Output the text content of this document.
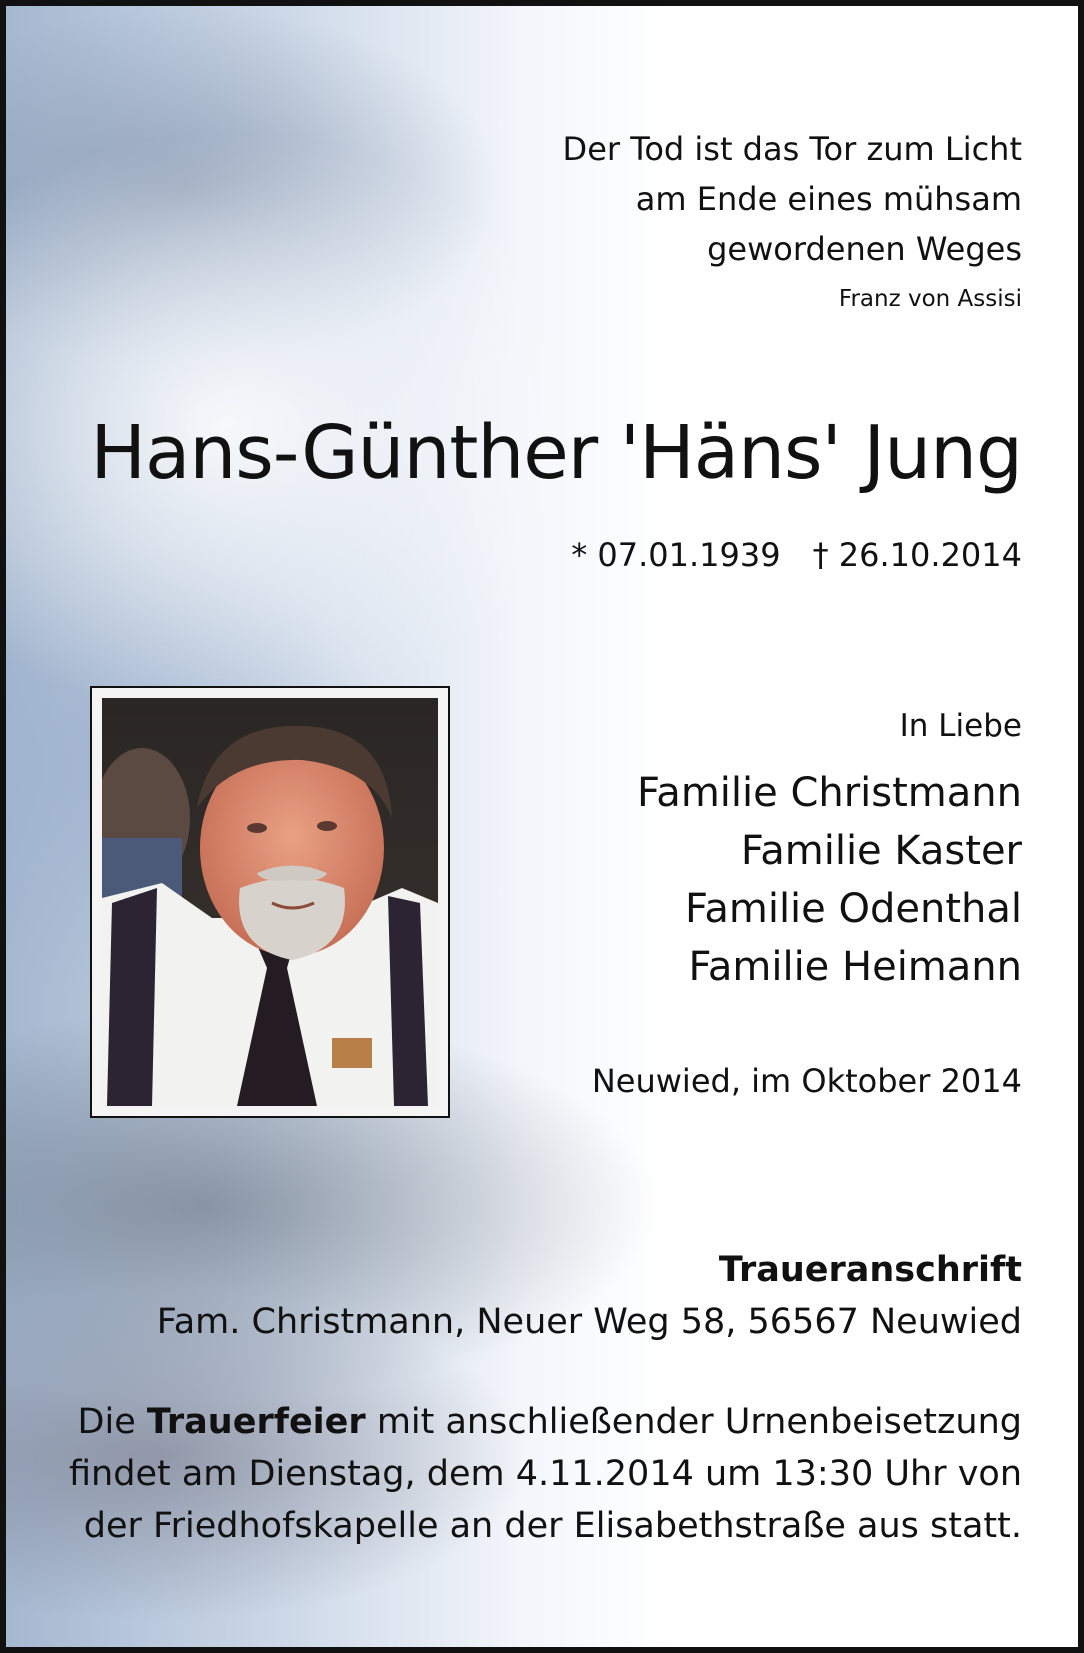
Der Tod ist das Tor zum Licht
am Ende eines mühsam
gewordenen Weges
Franz von Assisi
Hans-Günther 'Häns' Jung
* 07.01.1939 † 26.10.2014
In Liebe
Familie Christmann
Familie Kaster
Familie Odenthal
Familie Heimann
Neuwied, im Oktober 2014
Traueranschrift
Fam. Christmann, Neuer Weg 58, 56567 Neuwied
Die Trauerfeier mit anschließender Urnenbeisetzung
findet am Dienstag, dem 4.11.2014 um 13:30 Uhr von
der Friedhofskapelle an der Elisabethstraße aus statt.
